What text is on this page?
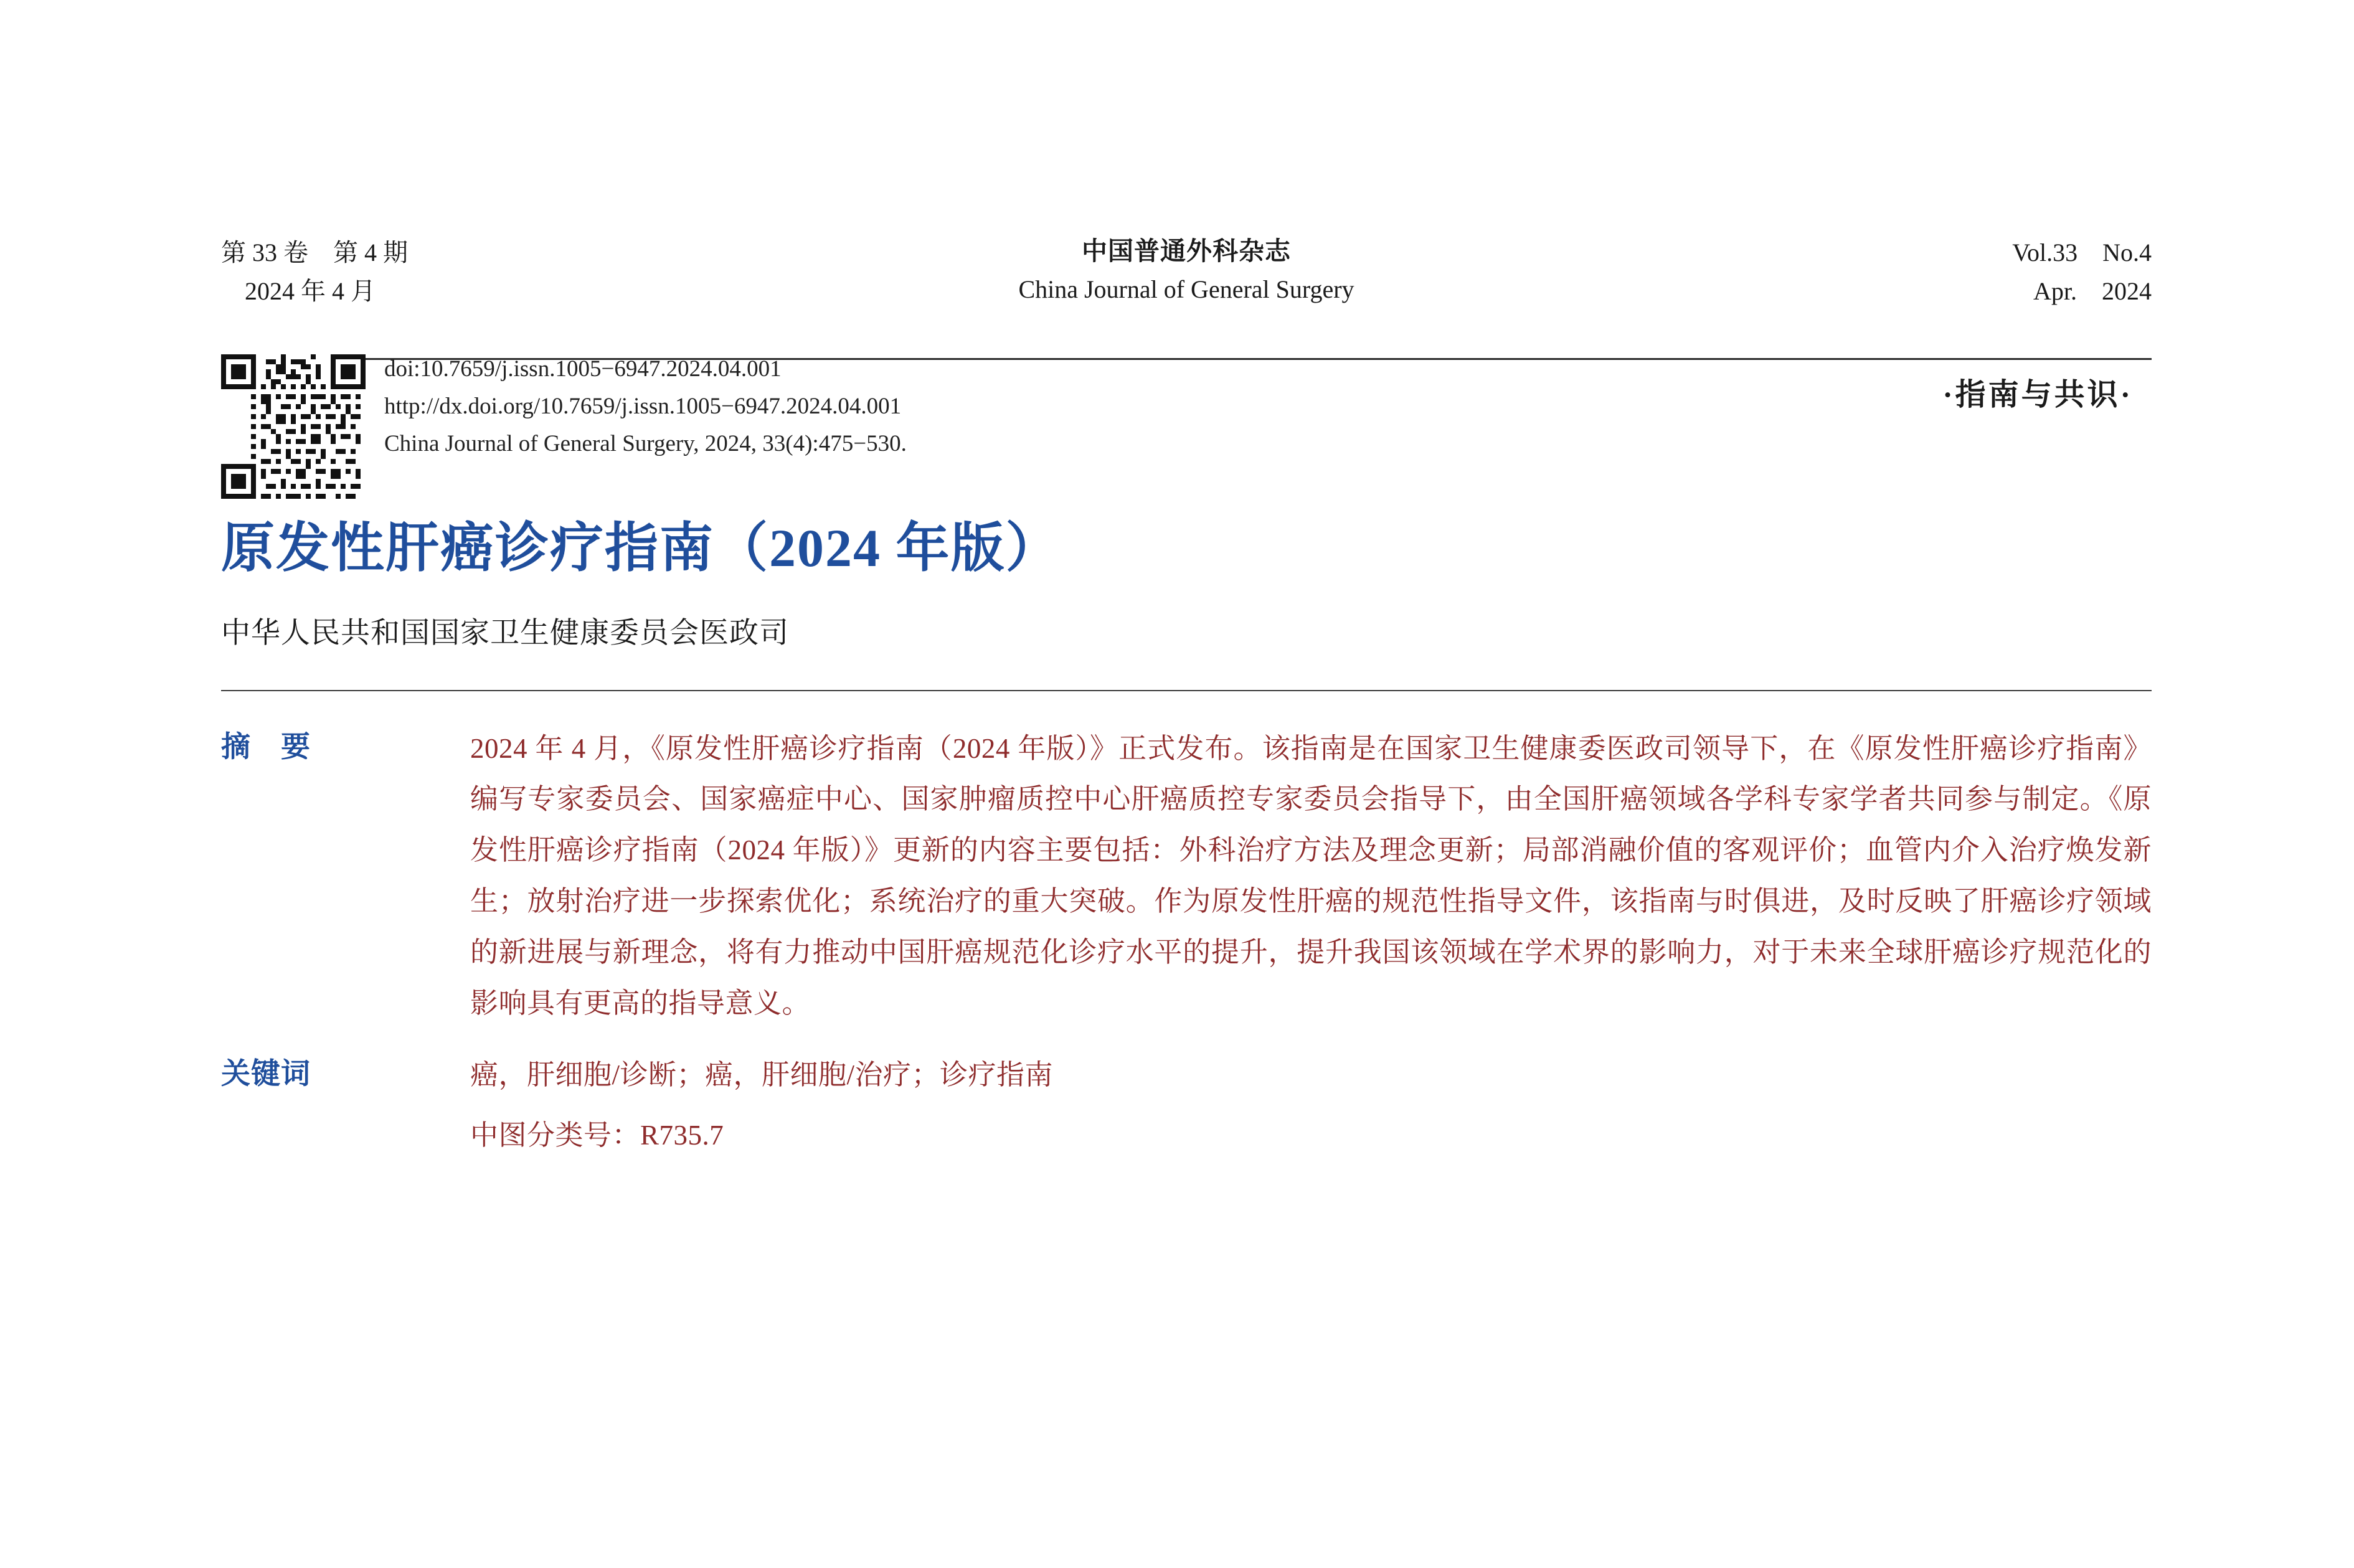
第 33 卷　第 4 期
2024 年 4 月
中国普通外科杂志
China Journal of General Surgery
Vol.33　No.4
Apr.　2024
doi:10.7659/j.issn.1005−6947.2024.04.001
http://dx.doi.org/10.7659/j.issn.1005−6947.2024.04.001
China Journal of General Surgery, 2024, 33(4):475−530.
·指南与共识·
原发性肝癌诊疗指南（2024 年版）
中华人民共和国国家卫生健康委员会医政司
摘　要	2024 年 4 月，《原发性肝癌诊疗指南（2024 年版）》正式发布。该指南是在国家卫生健康委医政司领导下，在《原发性肝癌诊疗指南》编写专家委员会、国家癌症中心、国家肿瘤质控中心肝癌质控专家委员会指导下，由全国肝癌领域各学科专家学者共同参与制定。《原发性肝癌诊疗指南（2024 年版）》更新的内容主要包括：外科治疗方法及理念更新；局部消融价值的客观评价；血管内介入治疗焕发新生；放射治疗进一步探索优化；系统治疗的重大突破。作为原发性肝癌的规范性指导文件，该指南与时俱进，及时反映了肝癌诊疗领域的新进展与新理念，将有力推动中国肝癌规范化诊疗水平的提升，提升我国该领域在学术界的影响力，对于未来全球肝癌诊疗规范化的影响具有更高的指导意义。
关键词	癌，肝细胞/诊断；癌，肝细胞/治疗；诊疗指南
中图分类号：R735.7
